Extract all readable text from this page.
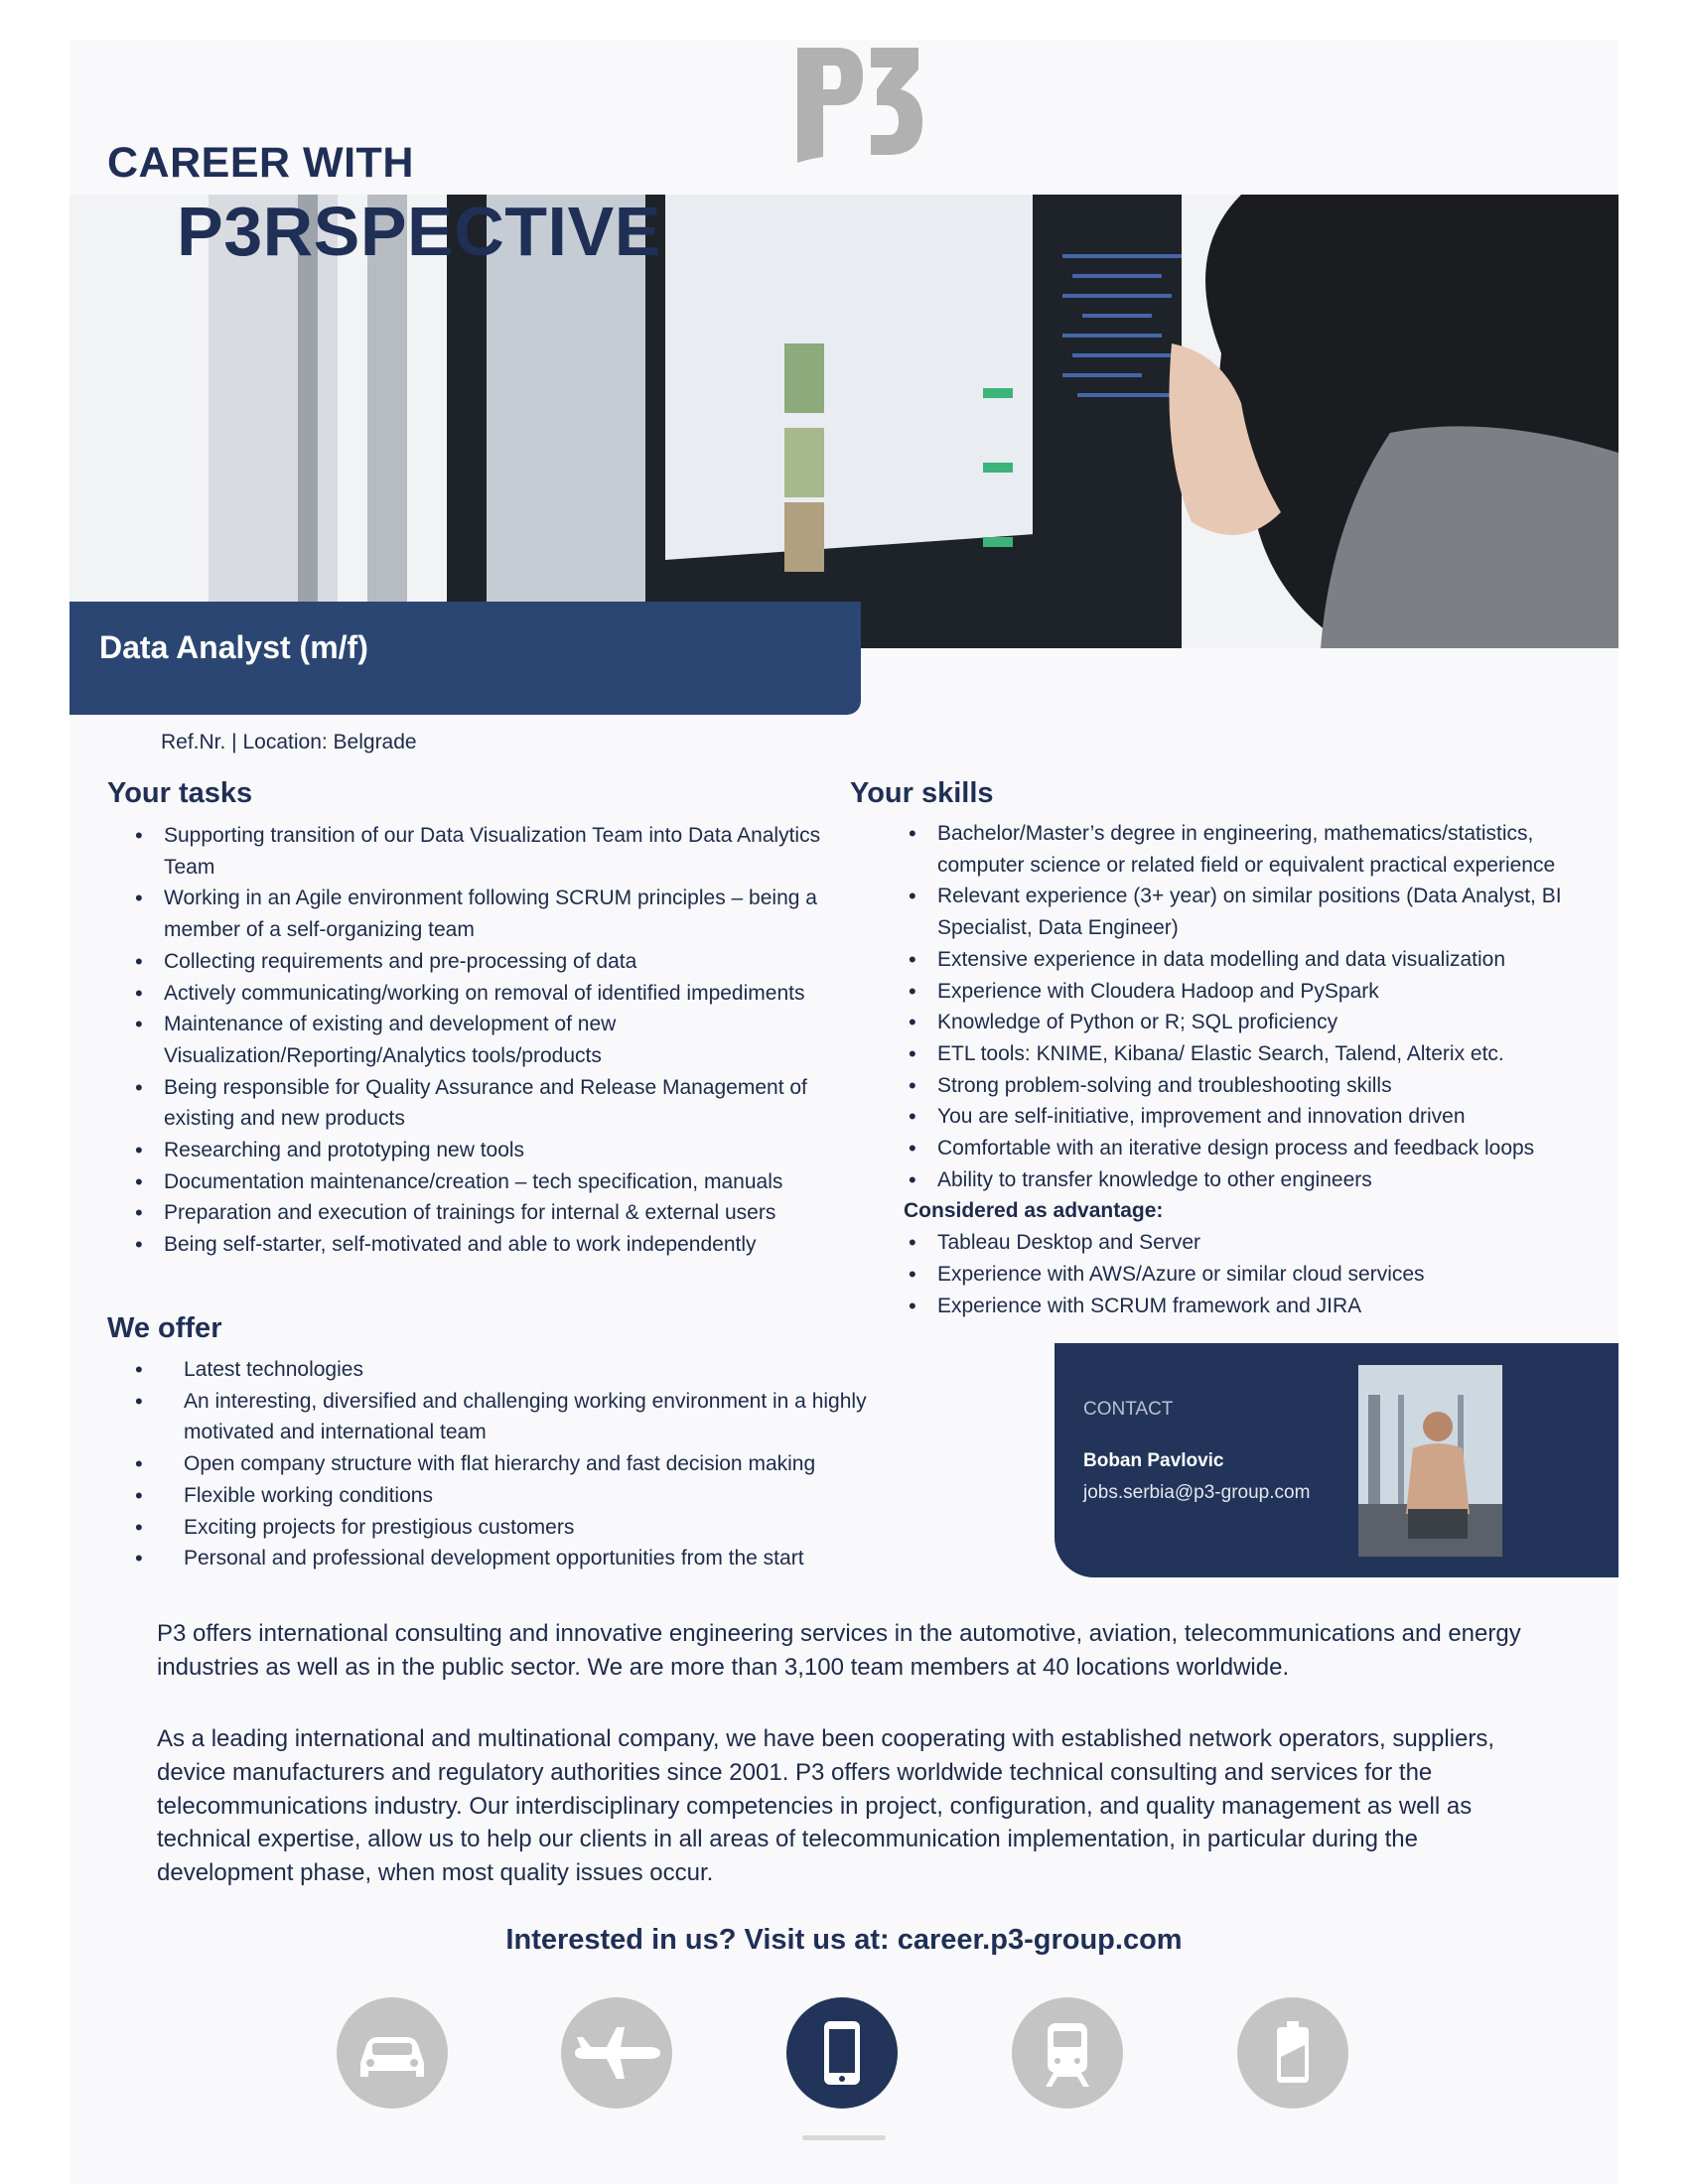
CAREER WITH
P3RSPECTIVE
Data Analyst (m/f)
Ref.Nr. | Location: Belgrade
Your tasks
• Supporting transition of our Data Visualization Team into Data Analytics Team
• Working in an Agile environment following SCRUM principles – being a member of a self-organizing team
• Collecting requirements and pre-processing of data
• Actively communicating/working on removal of identified impediments
• Maintenance of existing and development of new Visualization/Reporting/Analytics tools/products
• Being responsible for Quality Assurance and Release Management of existing and new products
• Researching and prototyping new tools
• Documentation maintenance/creation – tech specification, manuals
• Preparation and execution of trainings for internal & external users
• Being self-starter, self-motivated and able to work independently
Your skills
• Bachelor/Master’s degree in engineering, mathematics/statistics, computer science or related field or equivalent practical experience
• Relevant experience (3+ year) on similar positions (Data Analyst, BI Specialist, Data Engineer)
• Extensive experience in data modelling and data visualization
• Experience with Cloudera Hadoop and PySpark
• Knowledge of Python or R; SQL proficiency
• ETL tools: KNIME, Kibana/ Elastic Search, Talend, Alterix etc.
• Strong problem-solving and troubleshooting skills
• You are self-initiative, improvement and innovation driven
• Comfortable with an iterative design process and feedback loops
• Ability to transfer knowledge to other engineers
Considered as advantage:
• Tableau Desktop and Server
• Experience with AWS/Azure or similar cloud services
• Experience with SCRUM framework and JIRA
We offer
• Latest technologies
• An interesting, diversified and challenging working environment in a highly motivated and international team
• Open company structure with flat hierarchy and fast decision making
• Flexible working conditions
• Exciting projects for prestigious customers
• Personal and professional development opportunities from the start
CONTACT
Boban Pavlovic
jobs.serbia@p3-group.com

P3 offers international consulting and innovative engineering services in the automotive, aviation, telecommunications and energy industries as well as in the public sector. We are more than 3,100 team members at 40 locations worldwide.

As a leading international and multinational company, we have been cooperating with established network operators, suppliers, device manufacturers and regulatory authorities since 2001. P3 offers worldwide technical consulting and services for the telecommunications industry. Our interdisciplinary competencies in project, configuration, and quality management as well as technical expertise, allow us to help our clients in all areas of telecommunication implementation, in particular during the development phase, when most quality issues occur.

Interested in us? Visit us at: career.p3-group.com
